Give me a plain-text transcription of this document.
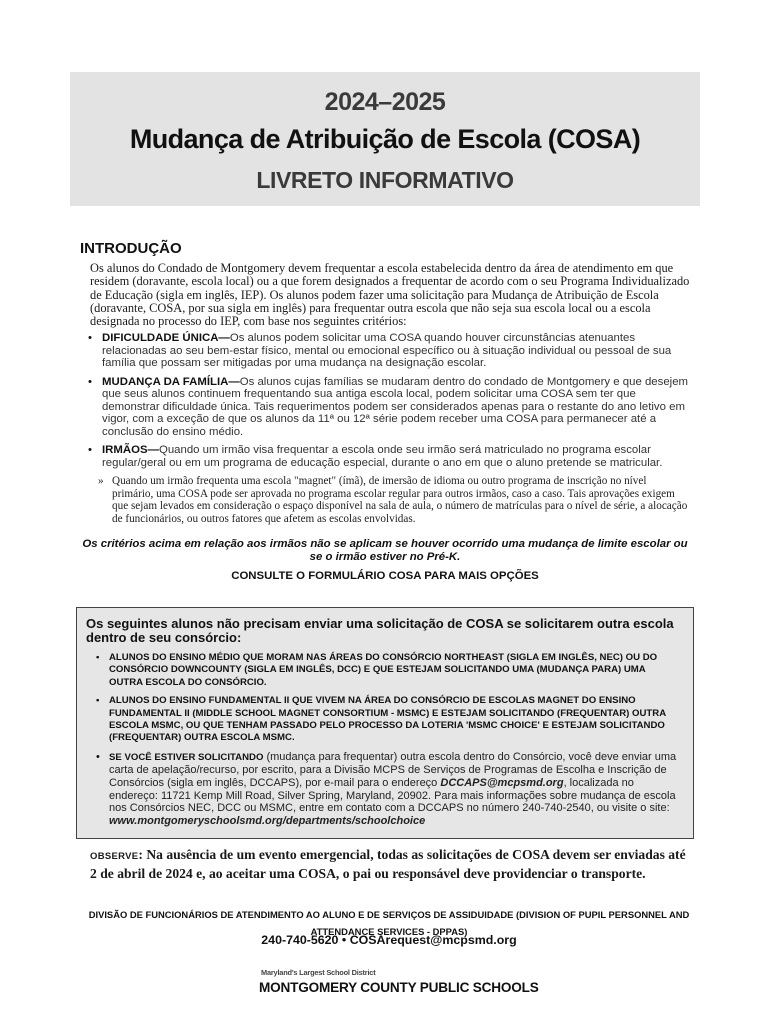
2024–2025
Mudança de Atribuição de Escola (COSA)
LIVRETO INFORMATIVO
INTRODUÇÃO
Os alunos do Condado de Montgomery devem frequentar a escola estabelecida dentro da área de atendimento em que residem (doravante, escola local) ou a que forem designados a frequentar de acordo com o seu Programa Individualizado de Educação (sigla em inglês, IEP). Os alunos podem fazer uma solicitação para Mudança de Atribuição de Escola (doravante, COSA, por sua sigla em inglês) para frequentar outra escola que não seja sua escola local ou a escola designada no processo do IEP, com base nos seguintes critérios:
• DIFICULDADE ÚNICA—Os alunos podem solicitar uma COSA quando houver circunstâncias atenuantes relacionadas ao seu bem-estar físico, mental ou emocional específico ou à situação individual ou pessoal de sua família que possam ser mitigadas por uma mudança na designação escolar.
• MUDANÇA DA FAMÍLIA—Os alunos cujas famílias se mudaram dentro do condado de Montgomery e que desejem que seus alunos continuem frequentando sua antiga escola local, podem solicitar uma COSA sem ter que demonstrar dificuldade única. Tais requerimentos podem ser considerados apenas para o restante do ano letivo em vigor, com a exceção de que os alunos da 11ª ou 12ª série podem receber uma COSA para permanecer até a conclusão do ensino médio.
• IRMÃOS—Quando um irmão visa frequentar a escola onde seu irmão será matriculado no programa escolar regular/geral ou em um programa de educação especial, durante o ano em que o aluno pretende se matricular.
» Quando um irmão frequenta uma escola "magnet" (ímã), de imersão de idioma ou outro programa de inscrição no nível primário, uma COSA pode ser aprovada no programa escolar regular para outros irmãos, caso a caso. Tais aprovações exigem que sejam levados em consideração o espaço disponível na sala de aula, o número de matrículas para o nível de série, a alocação de funcionários, ou outros fatores que afetem as escolas envolvidas.
Os critérios acima em relação aos irmãos não se aplicam se houver ocorrido uma mudança de limite escolar ou se o irmão estiver no Pré-K.
CONSULTE O FORMULÁRIO COSA PARA MAIS OPÇÕES
Os seguintes alunos não precisam enviar uma solicitação de COSA se solicitarem outra escola dentro de seu consórcio:
• ALUNOS DO ENSINO MÉDIO QUE MORAM NAS ÁREAS DO CONSÓRCIO NORTHEAST (SIGLA EM INGLÊS, NEC) OU DO CONSÓRCIO DOWNCOUNTY (SIGLA EM INGLÊS, DCC) E QUE ESTEJAM SOLICITANDO UMA (MUDANÇA PARA) UMA OUTRA ESCOLA DO CONSÓRCIO.
• ALUNOS DO ENSINO FUNDAMENTAL II QUE VIVEM NA ÁREA DO CONSÓRCIO DE ESCOLAS MAGNET DO ENSINO FUNDAMENTAL II (MIDDLE SCHOOL MAGNET CONSORTIUM - MSMC) E ESTEJAM SOLICITANDO (FREQUENTAR) OUTRA ESCOLA MSMC, OU QUE TENHAM PASSADO PELO PROCESSO DA LOTERIA 'MSMC CHOICE' E ESTEJAM SOLICITANDO (FREQUENTAR) OUTRA ESCOLA MSMC.
• SE VOCÊ ESTIVER SOLICITANDO (mudança para frequentar) outra escola dentro do Consórcio, você deve enviar uma carta de apelação/recurso, por escrito, para a Divisão MCPS de Serviços de Programas de Escolha e Inscrição de Consórcios (sigla em inglês, DCCAPS), por e-mail para o endereço DCCAPS@mcpsmd.org, localizada no endereço: 11721 Kemp Mill Road, Silver Spring, Maryland, 20902. Para mais informações sobre mudança de escola nos Consórcios NEC, DCC ou MSMC, entre em contato com a DCCAPS no número 240-740-2540, ou visite o site: www.montgomeryschoolsmd.org/departments/schoolchoice
OBSERVE: Na ausência de um evento emergencial, todas as solicitações de COSA devem ser enviadas até 2 de abril de 2024 e, ao aceitar uma COSA, o pai ou responsável deve providenciar o transporte.
DIVISÃO DE FUNCIONÁRIOS DE ATENDIMENTO AO ALUNO E DE SERVIÇOS DE ASSIDUIDADE (DIVISION OF PUPIL PERSONNEL AND ATTENDANCE SERVICES - DPPAS)
240-740-5620 • COSArequest@mcpsmd.org
Maryland's Largest School District
MONTGOMERY COUNTY PUBLIC SCHOOLS
